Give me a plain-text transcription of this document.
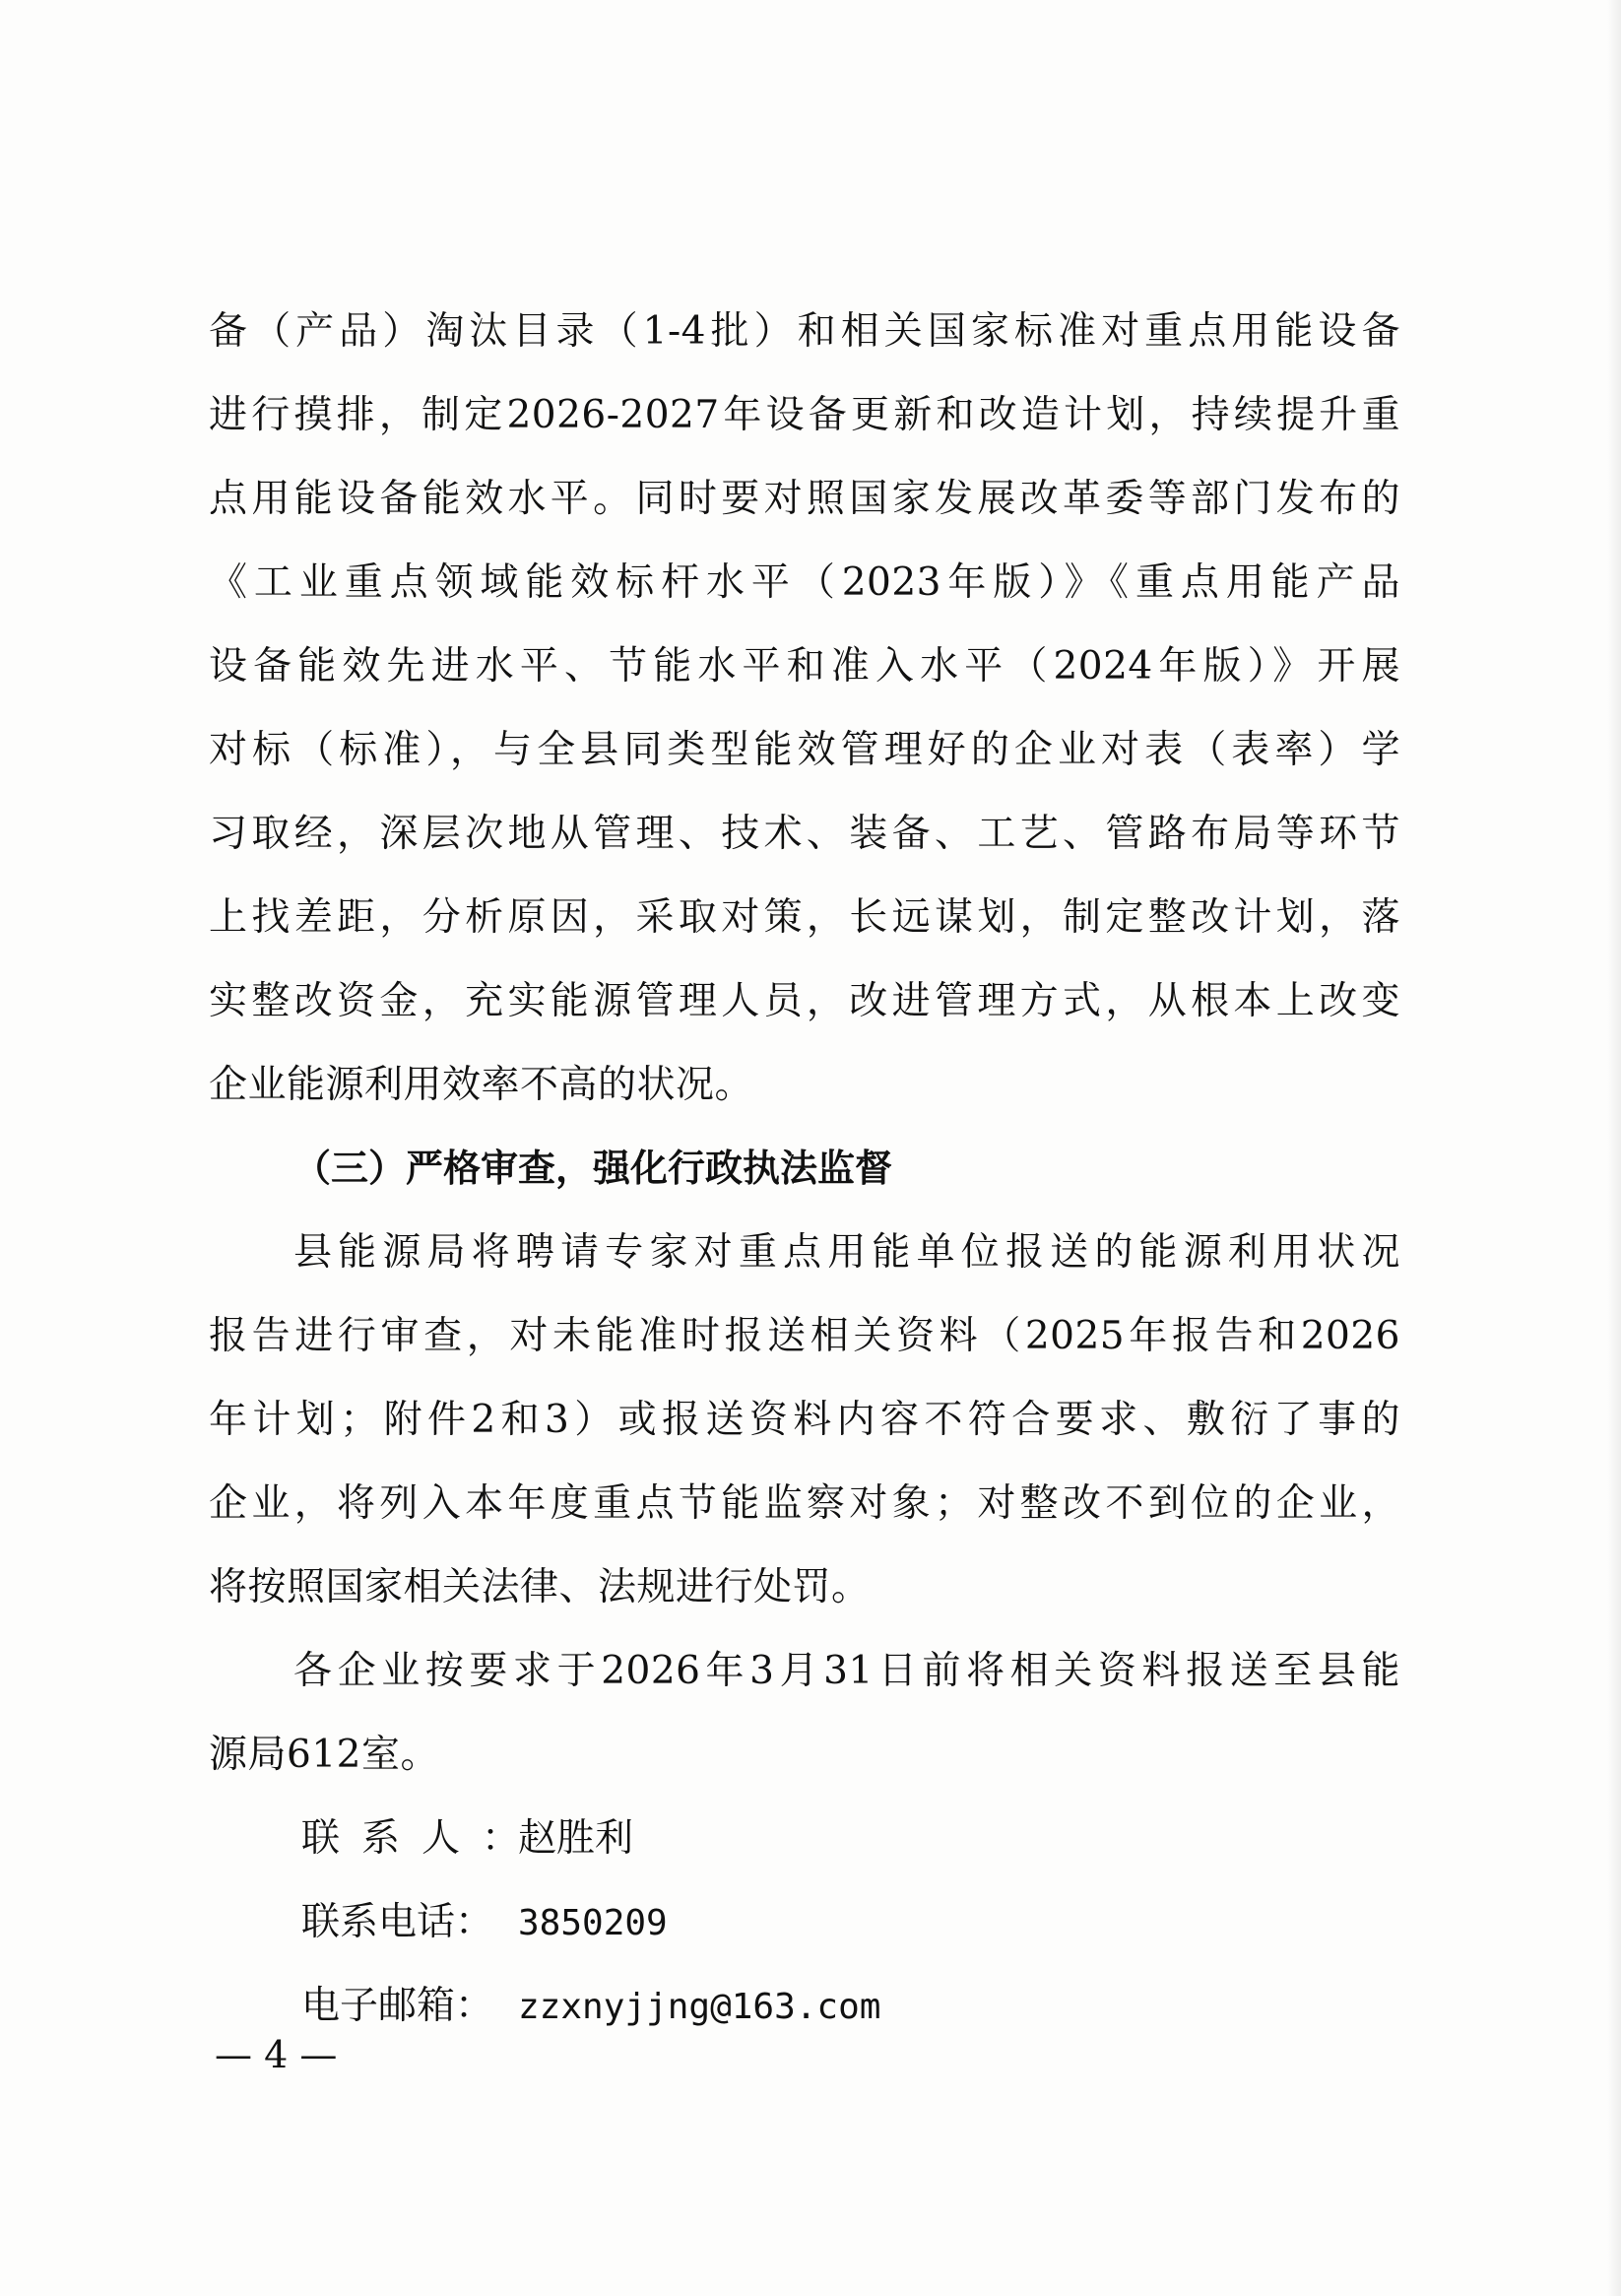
备（产品）淘汰目录（1-4批）和相关国家标准对重点用能设备
进行摸排，制定2026-2027年设备更新和改造计划，持续提升重
点用能设备能效水平。同时要对照国家发展改革委等部门发布的
《工业重点领域能效标杆水平（2023年版）》《重点用能产品
设备能效先进水平、节能水平和准入水平（2024年版）》开展
对标（标准），与全县同类型能效管理好的企业对表（表率）学
习取经，深层次地从管理、技术、装备、工艺、管路布局等环节
上找差距，分析原因，采取对策，长远谋划，制定整改计划，落
实整改资金，充实能源管理人员，改进管理方式，从根本上改变
企业能源利用效率不高的状况。
（三）严格审查，强化行政执法监督
县能源局将聘请专家对重点用能单位报送的能源利用状况
报告进行审查，对未能准时报送相关资料（2025年报告和2026
年计划；附件2和3）或报送资料内容不符合要求、敷衍了事的
企业，将列入本年度重点节能监察对象；对整改不到位的企业，
将按照国家相关法律、法规进行处罚。
各企业按要求于2026年3月31日前将相关资料报送至县能
源局612室。
联系人：赵胜利
联系电话： 3850209
电子邮箱： zzxnyjjng@163.com
— 4 —
